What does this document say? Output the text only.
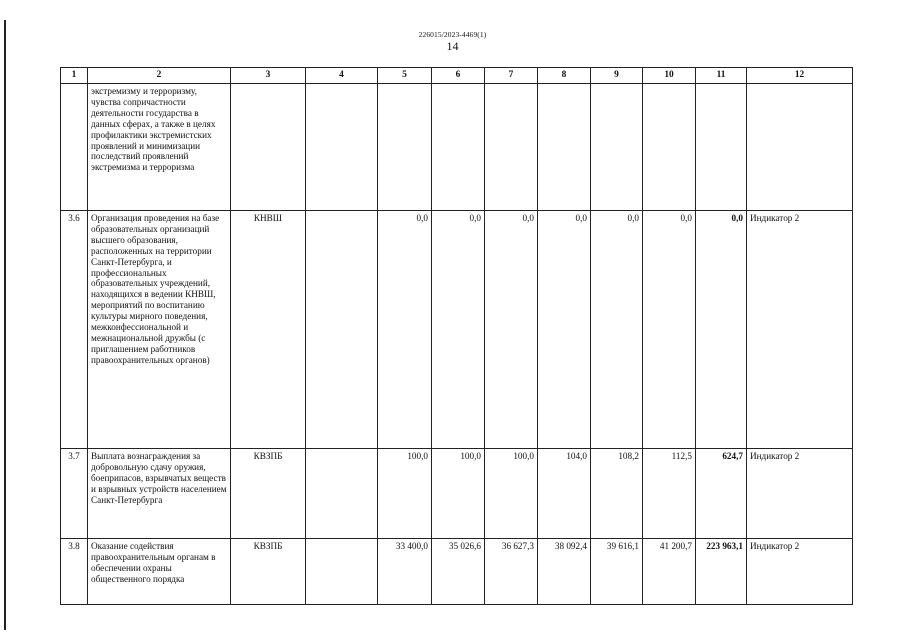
226015/2023-4469(1)
14
1	2	3	4	5	6	7	8	9	10	11	12
	экстремизму и терроризму, чувства сопричастности деятельности государства в данных сферах, а также в целях профилактики экстремистских проявлений и минимизации последствий проявлений экстремизма и терроризма										
3.6	Организация проведения на базе образовательных организаций высшего образования, расположенных на территории Санкт-Петербурга, и профессиональных образовательных учреждений, находящихся в ведении КНВШ, мероприятий по воспитанию культуры мирного поведения, межконфессиональной и межнациональной дружбы (с приглашением работников правоохранительных органов)	КНВШ		0,0	0,0	0,0	0,0	0,0	0,0	0,0	Индикатор 2
3.7	Выплата вознаграждения за добровольную сдачу оружия, боеприпасов, взрывчатых веществ и взрывных устройств населением Санкт-Петербурга	КВЗПБ		100,0	100,0	100,0	104,0	108,2	112,5	624,7	Индикатор 2
3.8	Оказание содействия правоохранительным органам в обеспечении охраны общественного порядка	КВЗПБ		33 400,0	35 026,6	36 627,3	38 092,4	39 616,1	41 200,7	223 963,1	Индикатор 2
